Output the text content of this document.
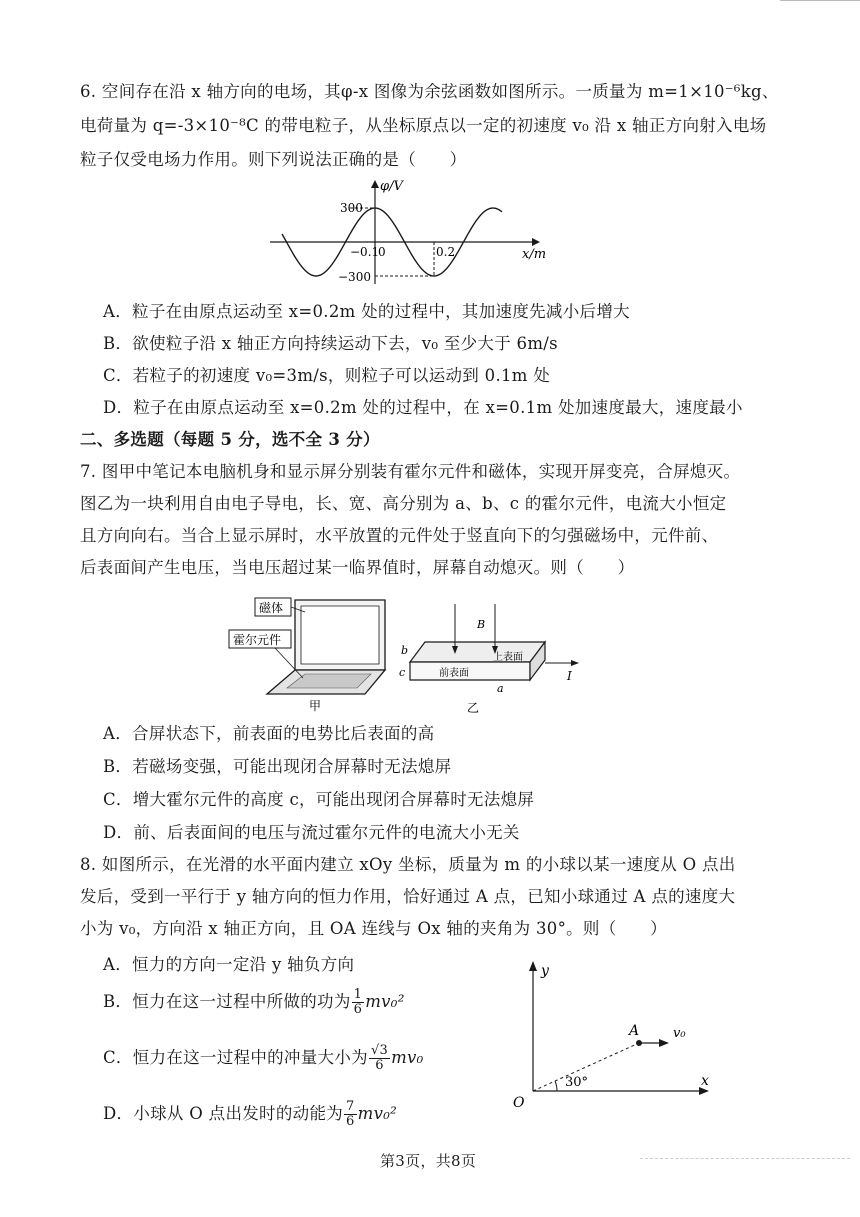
6. 空间存在沿 x 轴方向的电场，其φ-x 图像为余弦函数如图所示。一质量为 m=1×10⁻⁶kg、
电荷量为 q=-3×10⁻⁸C 的带电粒子，从坐标原点以一定的初速度 v₀ 沿 x 轴正方向射入电场
粒子仅受电场力作用。则下列说法正确的是（　　）
φ/V
300
−300
−0.1
0	0.2	x/m
A．粒子在由原点运动至 x=0.2m 处的过程中，其加速度先减小后增大
B．欲使粒子沿 x 轴正方向持续运动下去，v₀ 至少大于 6m/s
C．若粒子的初速度 v₀=3m/s，则粒子可以运动到 0.1m 处
D．粒子在由原点运动至 x=0.2m 处的过程中，在 x=0.1m 处加速度最大，速度最小
二、多选题（每题 5 分，选不全 3 分）
7. 图甲中笔记本电脑机身和显示屏分别装有霍尔元件和磁体，实现开屏变亮，合屏熄灭。
图乙为一块利用自由电子导电，长、宽、高分别为 a、b、c 的霍尔元件，电流大小恒定
且方向向右。当合上显示屏时，水平放置的元件处于竖直向下的匀强磁场中，元件前、
后表面间产生电压，当电压超过某一临界值时，屏幕自动熄灭。则（　　）
磁体
霍尔元件
甲
B
上表面
前表面
a
b
c	I
乙
A．合屏状态下，前表面的电势比后表面的高
B．若磁场变强，可能出现闭合屏幕时无法熄屏
C．增大霍尔元件的高度 c，可能出现闭合屏幕时无法熄屏
D．前、后表面间的电压与流过霍尔元件的电流大小无关
8. 如图所示，在光滑的水平面内建立 xOy 坐标，质量为 m 的小球以某一速度从 O 点出
发后，受到一平行于 y 轴方向的恒力作用，恰好通过 A 点，已知小球通过 A 点的速度大
小为 v₀，方向沿 x 轴正方向，且 OA 连线与 Ox 轴的夹角为 30°。则（　　）
A．恒力的方向一定沿 y 轴负方向
B．恒力在这一过程中所做的功为 $\frac{1}{6} mv_0^2$
C．恒力在这一过程中的冲量大小为 $\frac{√3}{6} mv_0$
D．小球从 O 点出发时的动能为 $\frac{7}{6} mv_0^2$
y
x
O
A	v₀
30°
第3页，共8页
